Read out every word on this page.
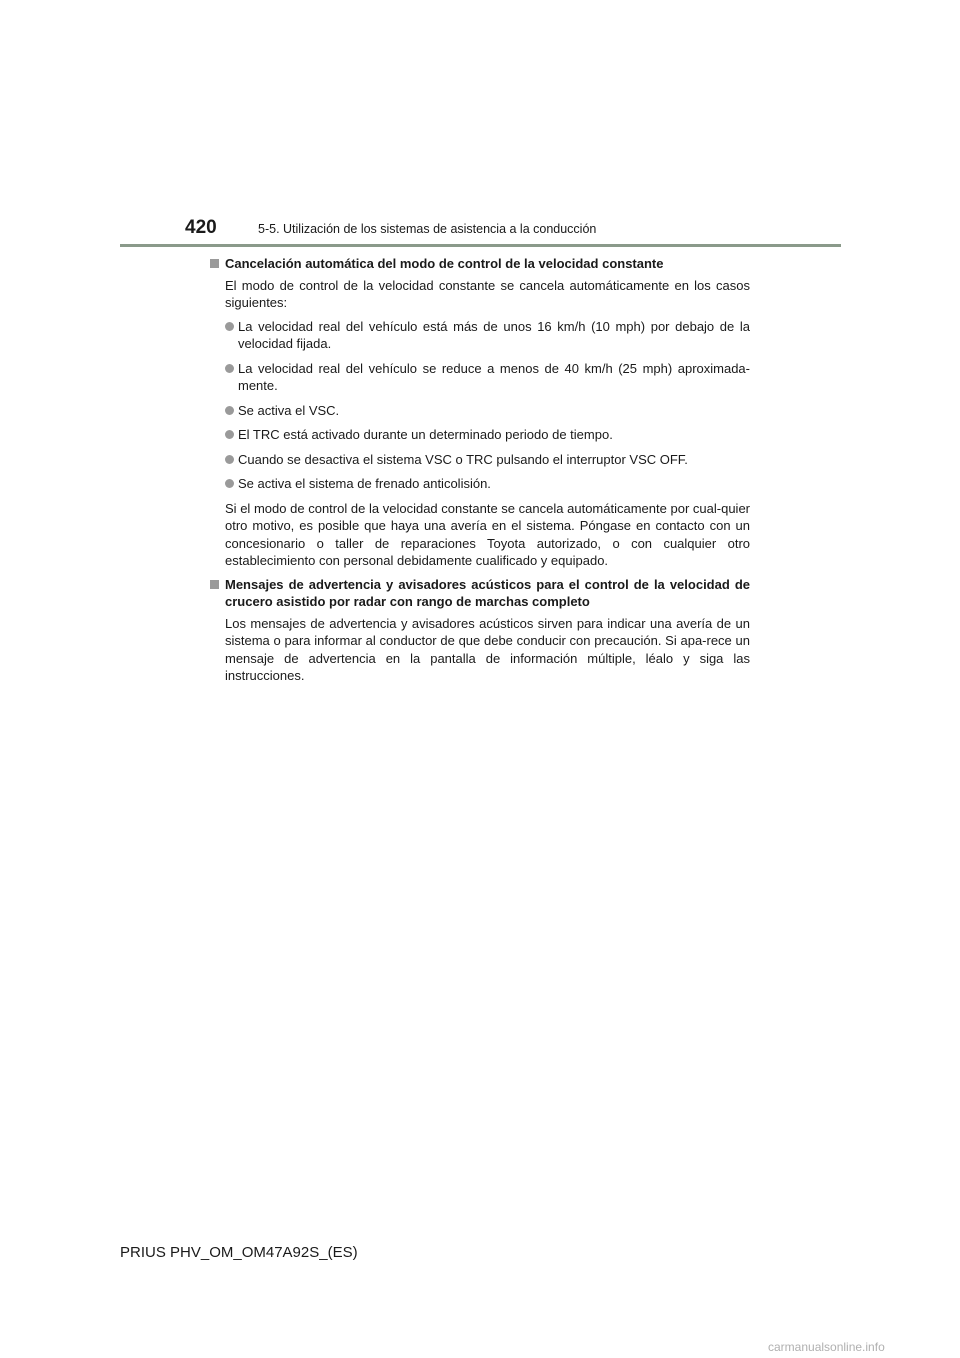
420	5-5. Utilización de los sistemas de asistencia a la conducción
Cancelación automática del modo de control de la velocidad constante

El modo de control de la velocidad constante se cancela automáticamente en los casos siguientes:

La velocidad real del vehículo está más de unos 16 km/h (10 mph) por debajo de la velocidad fijada.
La velocidad real del vehículo se reduce a menos de 40 km/h (25 mph) aproximada-mente.
Se activa el VSC.
El TRC está activado durante un determinado periodo de tiempo.
Cuando se desactiva el sistema VSC o TRC pulsando el interruptor VSC OFF.
Se activa el sistema de frenado anticolisión.

Si el modo de control de la velocidad constante se cancela automáticamente por cual-quier otro motivo, es posible que haya una avería en el sistema. Póngase en contacto con un concesionario o taller de reparaciones Toyota autorizado, o con cualquier otro establecimiento con personal debidamente cualificado y equipado.

Mensajes de advertencia y avisadores acústicos para el control de la velocidad de crucero asistido por radar con rango de marchas completo

Los mensajes de advertencia y avisadores acústicos sirven para indicar una avería de un sistema o para informar al conductor de que debe conducir con precaución. Si apa-rece un mensaje de advertencia en la pantalla de información múltiple, léalo y siga las instrucciones.

PRIUS PHV_OM_OM47A92S_(ES)
carmanualsonline.info
